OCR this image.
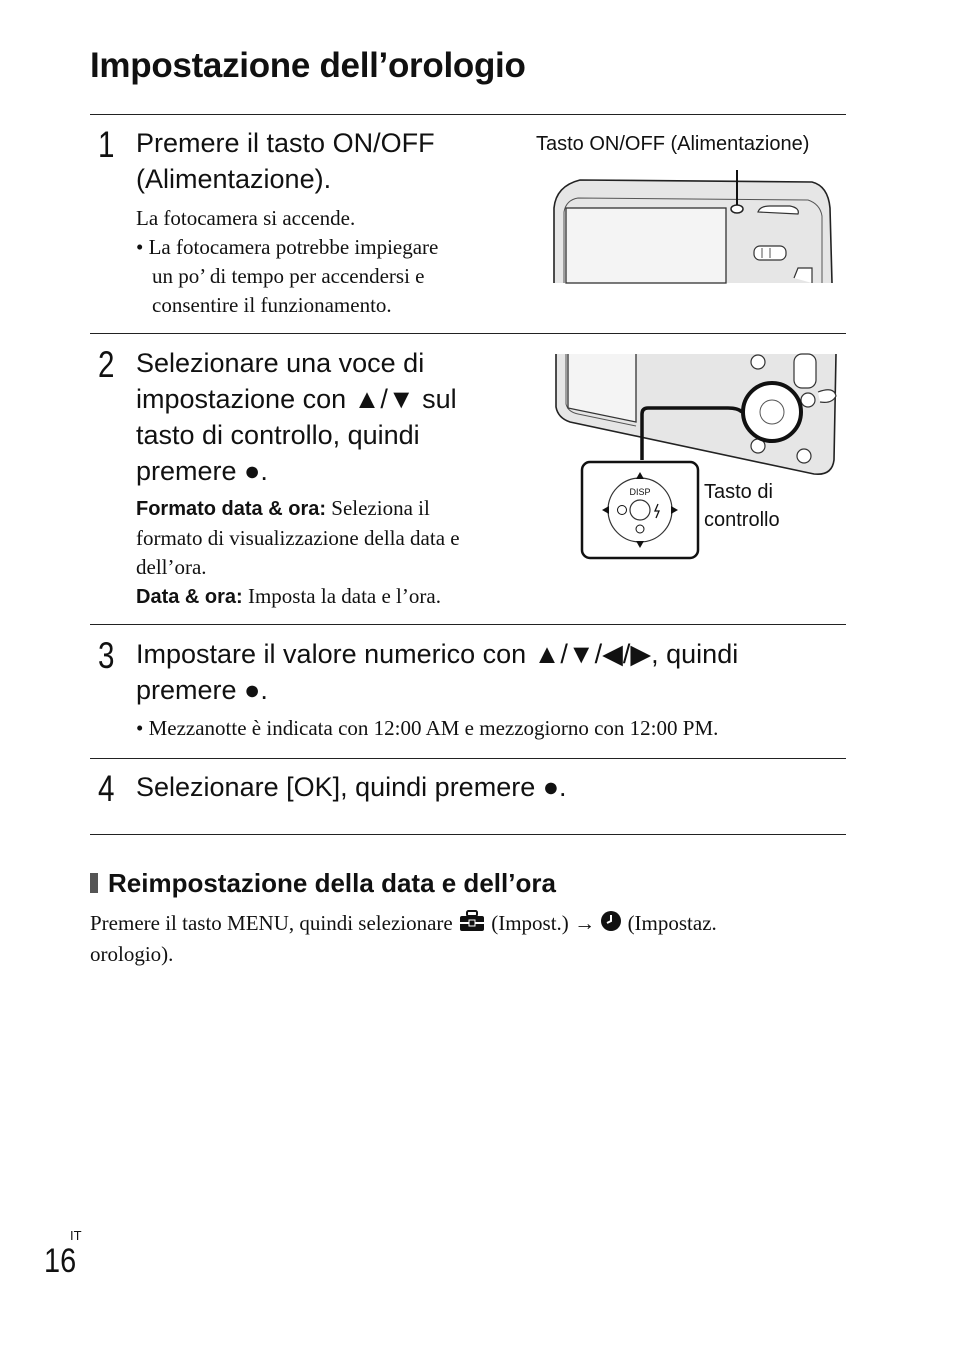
Impostazione dell’orologio
1 Premere il tasto ON/OFF
(Alimentazione).
La fotocamera si accende.
• La fotocamera potrebbe impiegare
un po’ di tempo per accendersi e
consentire il funzionamento.
Tasto ON/OFF (Alimentazione)
2 Selezionare una voce di
impostazione con ▲/▼ sul
tasto di controllo, quindi
premere ●.
Formato data & ora: Seleziona il
formato di visualizzazione della data e
dell’ora.
Data & ora: Imposta la data e l’ora.
DISP	Tasto di
controllo
3 Impostare il valore numerico con ▲/▼/◀/▶, quindi
premere ●.
• Mezzanotte è indicata con 12:00 AM e mezzogiorno con 12:00 PM.
4 Selezionare [OK], quindi premere ●.
Reimpostazione della data e dell’ora
Premere il tasto MENU, quindi selezionare (Impost.) → (Impostaz.
orologio).
IT
16
